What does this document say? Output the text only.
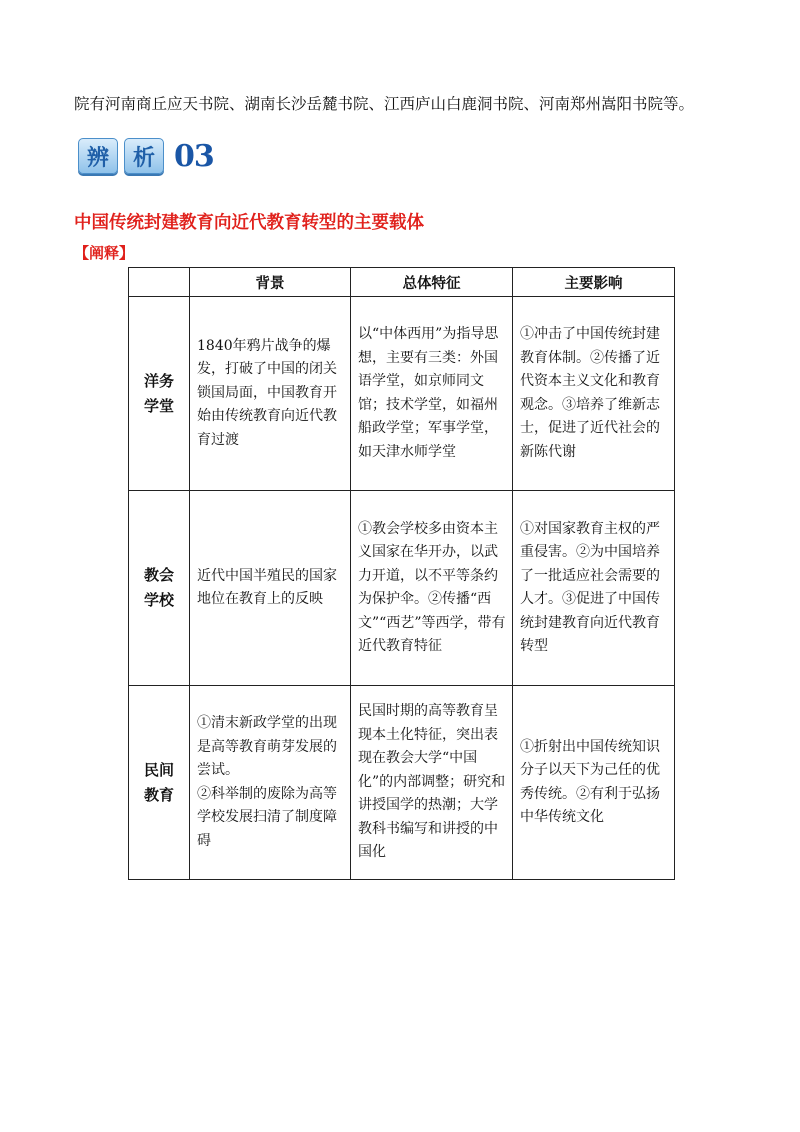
院有河南商丘应天书院、湖南长沙岳麓书院、江西庐山白鹿洞书院、河南郑州嵩阳书院等。
辨	析 03
中国传统封建教育向近代教育转型的主要载体
【阐释】
	背景	总体特征	主要影响
洋务学堂	1840年鸦片战争的爆发，打破了中国的闭关锁国局面，中国教育开始由传统教育向近代教育过渡	以“中体西用”为指导思想，主要有三类：外国语学堂，如京师同文馆；技术学堂，如福州船政学堂；军事学堂，如天津水师学堂	①冲击了中国传统封建教育体制。②传播了近代资本主义文化和教育观念。③培养了维新志士，促进了近代社会的新陈代谢
教会学校	近代中国半殖民的国家地位在教育上的反映	①教会学校多由资本主义国家在华开办，以武力开道，以不平等条约为保护伞。②传播“西文”“西艺”等西学，带有近代教育特征	①对国家教育主权的严重侵害。②为中国培养了一批适应社会需要的人才。③促进了中国传统封建教育向近代教育转型
民间教育	①清末新政学堂的出现是高等教育萌芽发展的尝试。
②科举制的废除为高等学校发展扫清了制度障碍	民国时期的高等教育呈现本土化特征，突出表现在教会大学“中国化”的内部调整；研究和讲授国学的热潮；大学教科书编写和讲授的中国化	①折射出中国传统知识分子以天下为己任的优秀传统。②有利于弘扬中华传统文化
